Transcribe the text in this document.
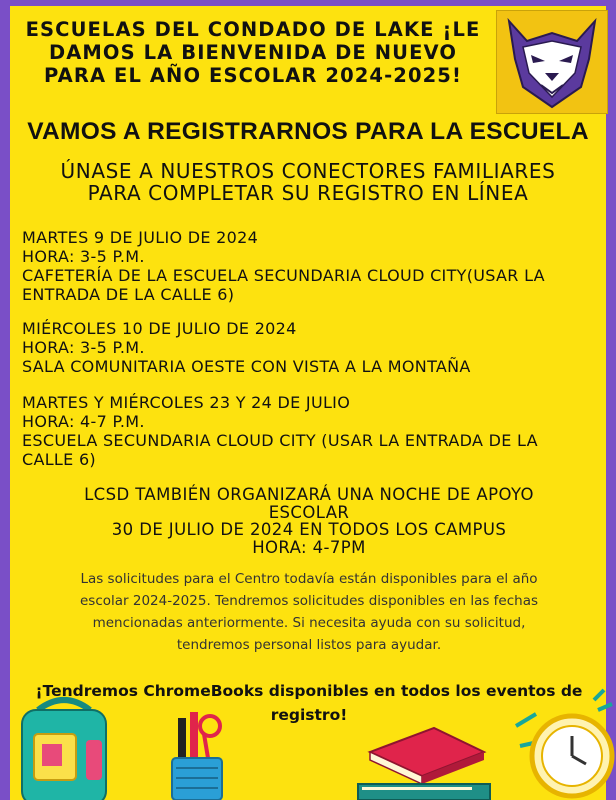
ESCUELAS DEL CONDADO DE LAKE ¡LE
DAMOS LA BIENVENIDA DE NUEVO
PARA EL AÑO ESCOLAR 2024-2025!
VAMOS A REGISTRARNOS PARA LA ESCUELA
ÚNASE A NUESTROS CONECTORES FAMILIARES
PARA COMPLETAR SU REGISTRO EN LÍNEA
MARTES 9 DE JULIO DE 2024
HORA: 3-5 P.M.
CAFETERÍA DE LA ESCUELA SECUNDARIA CLOUD CITY(USAR LA
ENTRADA DE LA CALLE 6)
MIÉRCOLES 10 DE JULIO DE 2024
HORA: 3-5 P.M.
SALA COMUNITARIA OESTE CON VISTA A LA MONTAÑA
MARTES Y MIÉRCOLES 23 Y 24 DE JULIO
HORA: 4-7 P.M.
ESCUELA SECUNDARIA CLOUD CITY (USAR LA ENTRADA DE LA
CALLE 6)
LCSD TAMBIÉN ORGANIZARÁ UNA NOCHE DE APOYO
ESCOLAR
30 DE JULIO DE 2024 EN TODOS LOS CAMPUS
HORA: 4-7PM
Las solicitudes para el Centro todavía están disponibles para el año
escolar 2024-2025. Tendremos solicitudes disponibles en las fechas
mencionadas anteriormente. Si necesita ayuda con su solicitud,
tendremos personal listos para ayudar.
¡Tendremos ChromeBooks disponibles en todos los eventos de
registro!
